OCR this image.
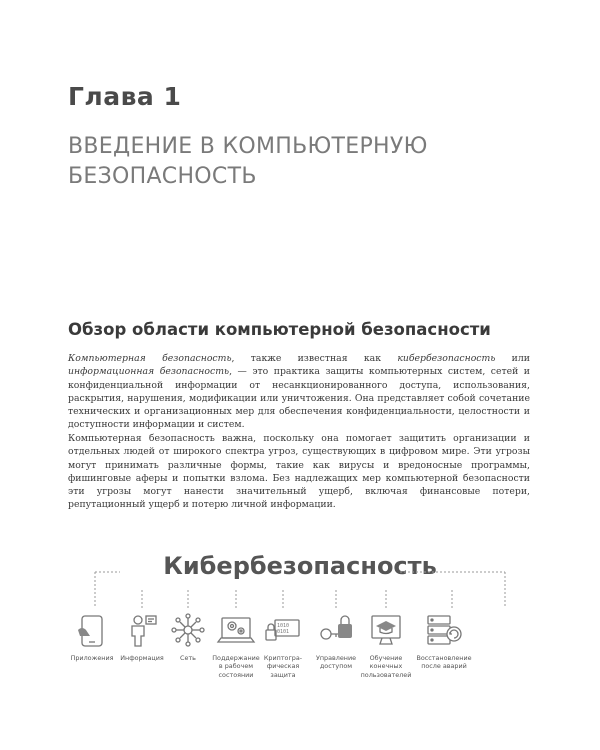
Глава 1
ВВЕДЕНИЕ В КОМПЬЮТЕРНУЮ БЕЗОПАСНОСТЬ
Обзор области компьютерной безопасности

Компьютерная безопасность, также известная как кибербезопасность или информационная безопасность, — это практика защиты компьютерных систем, сетей и конфиденциальной информации от несанкционированного доступа, использования, раскрытия, нарушения, модификации или уничтожения. Она представляет собой сочетание технических и организационных мер для обеспечения конфиденциальности, целостности и доступности информации и систем.

Компьютерная безопасность важна, поскольку она помогает защитить организации и отдельных людей от широкого спектра угроз, существующих в цифровом мире. Эти угрозы могут принимать различные формы, такие как вирусы и вредоносные программы, фишинговые аферы и попытки взлома. Без надлежащих мер компьютерной безопасности эти угрозы могут нанести значительный ущерб, включая финансовые потери, репутационный ущерб и потерю личной информации.

Кибербезопасность
Приложения	Информация	Сеть	Поддержание
в рабочем
состоянии
1010
0101
Криптогра-
фическая
защита
Управление
доступом
Обучение
конечных
пользователей
Восстановление
после аварий
